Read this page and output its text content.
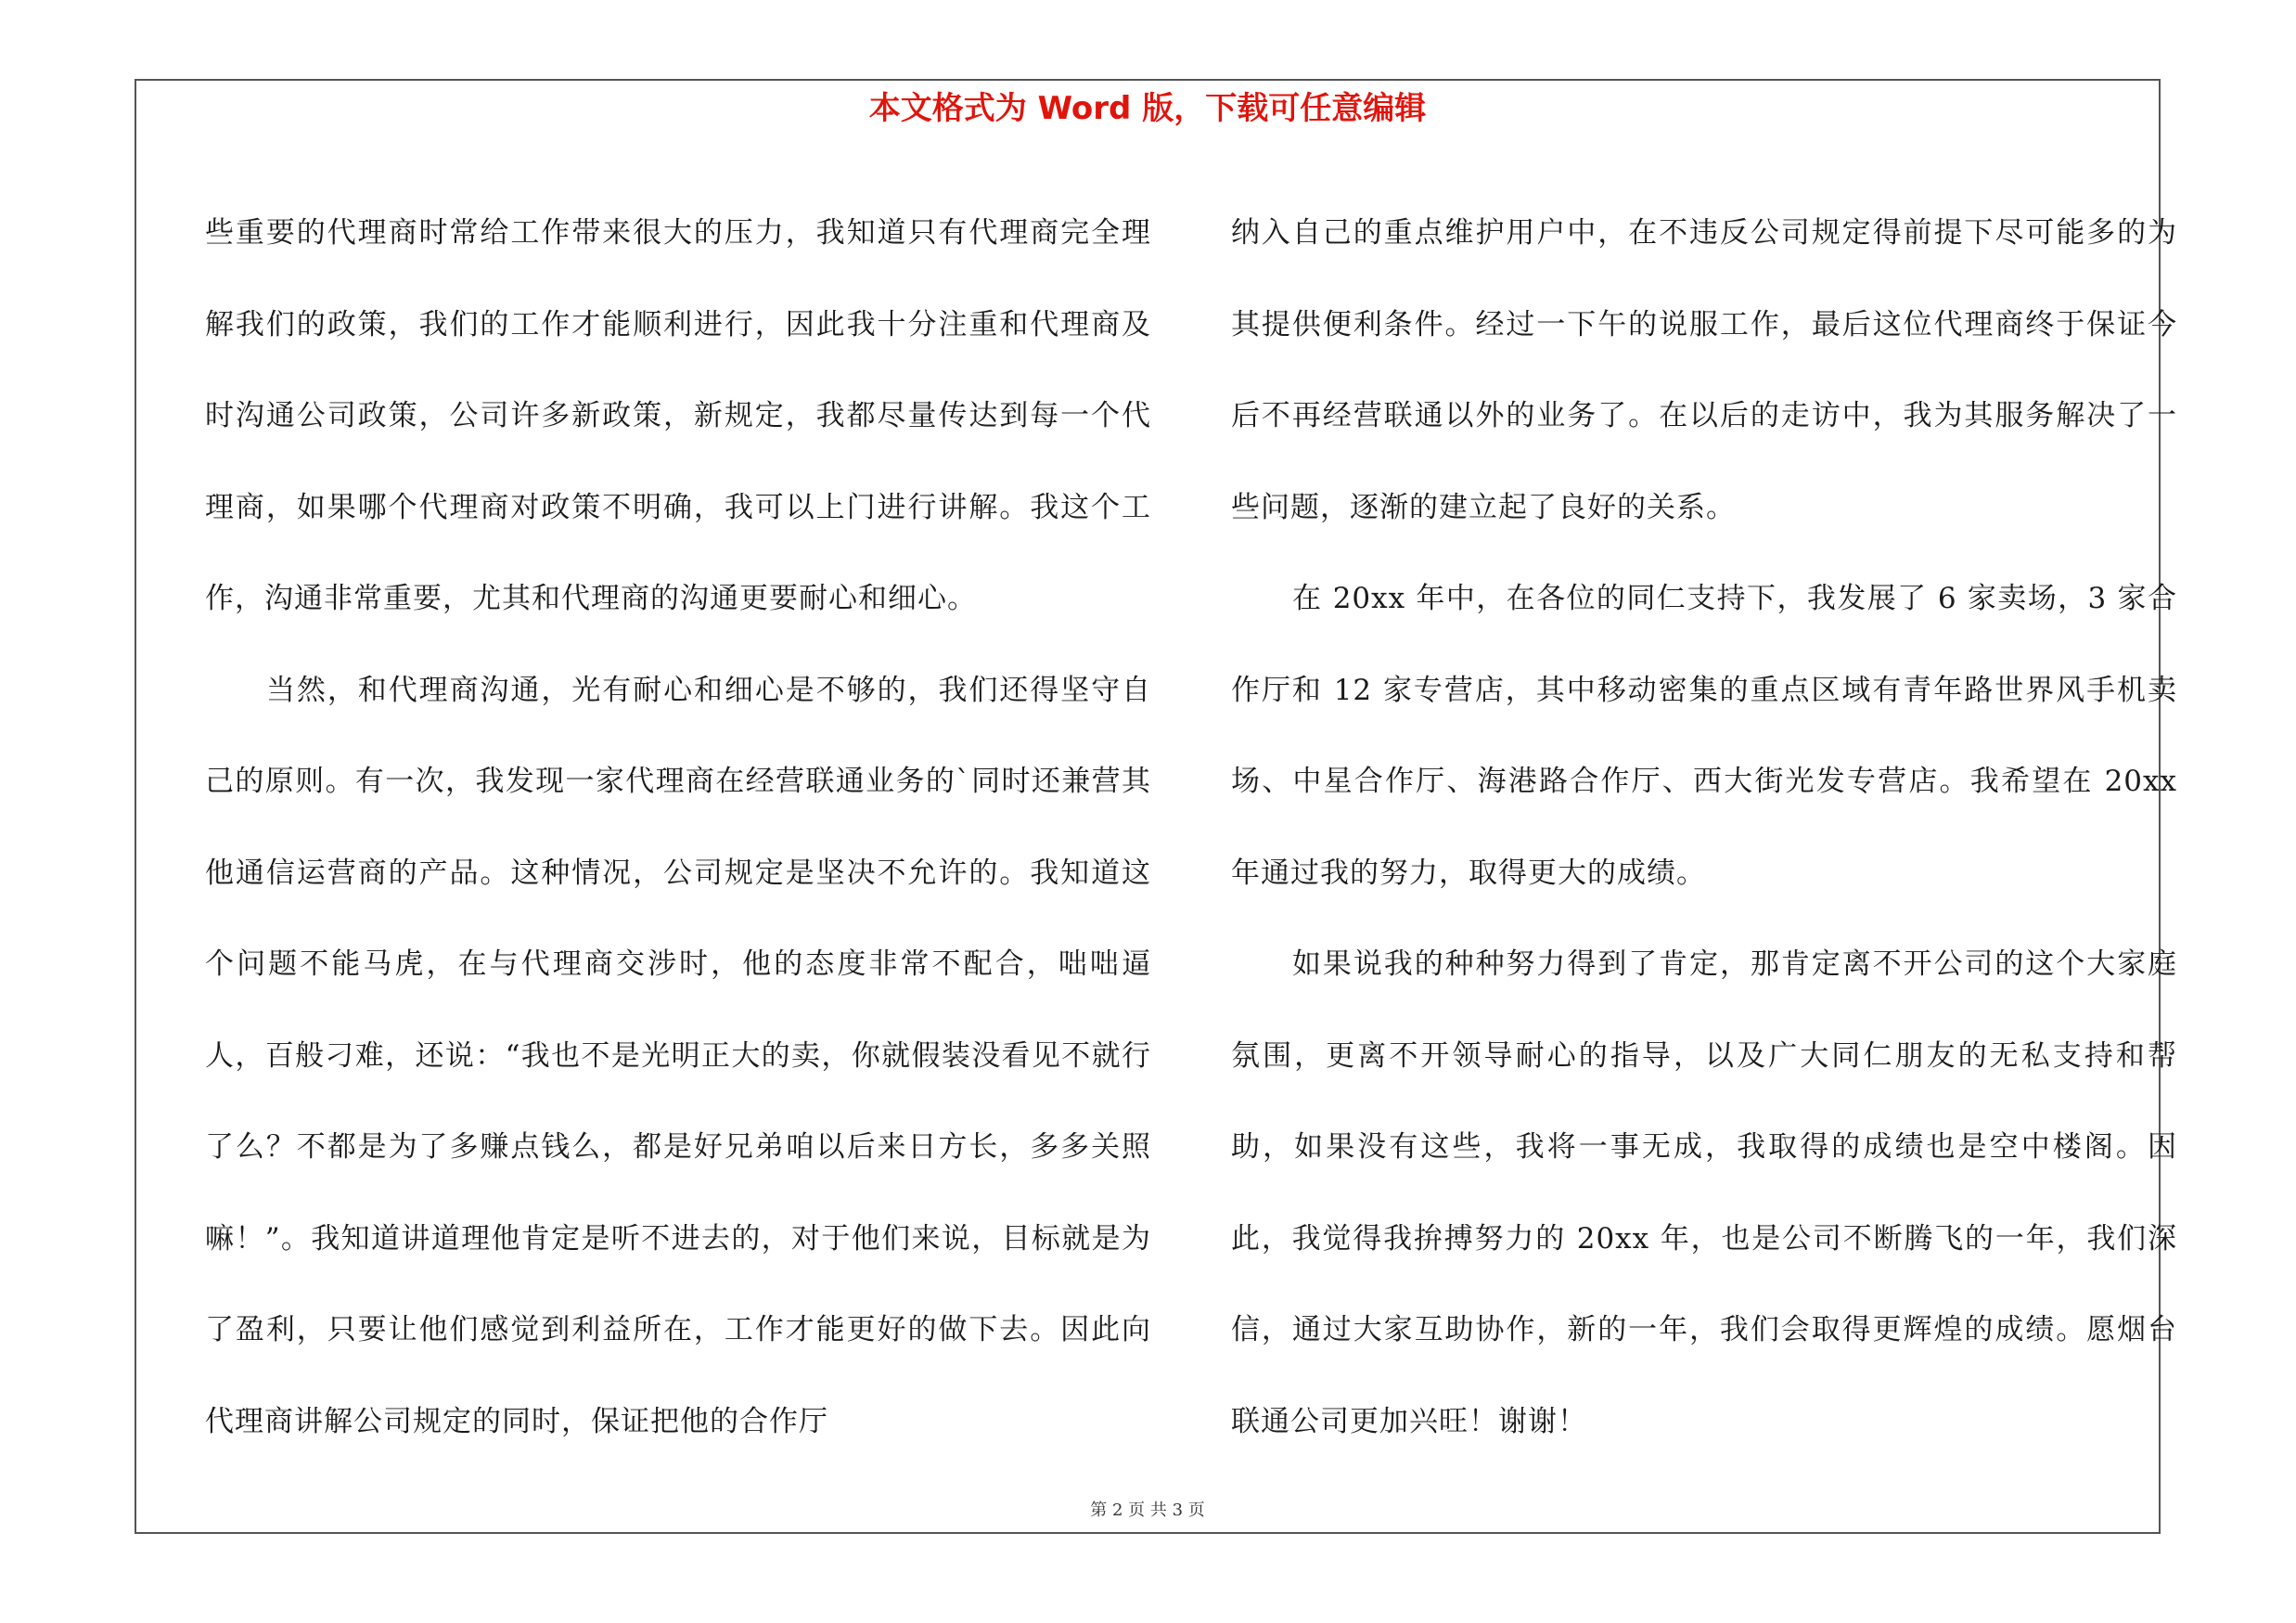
本文格式为 Word 版，下载可任意编辑

些重要的代理商时常给工作带来很大的压力，我知道只有代理商完全理解我们的政策，我们的工作才能顺利进行，因此我十分注重和代理商及时沟通公司政策，公司许多新政策，新规定，我都尽量传达到每一个代理商，如果哪个代理商对政策不明确，我可以上门进行讲解。我这个工作，沟通非常重要，尤其和代理商的沟通更要耐心和细心。

当然，和代理商沟通，光有耐心和细心是不够的，我们还得坚守自己的原则。有一次，我发现一家代理商在经营联通业务的`同时还兼营其他通信运营商的产品。这种情况，公司规定是坚决不允许的。我知道这个问题不能马虎，在与代理商交涉时，他的态度非常不配合，咄咄逼人，百般刁难，还说：“我也不是光明正大的卖，你就假装没看见不就行了么？不都是为了多赚点钱么，都是好兄弟咱以后来日方长，多多关照嘛！”。我知道讲道理他肯定是听不进去的，对于他们来说，目标就是为了盈利，只要让他们感觉到利益所在，工作才能更好的做下去。因此向代理商讲解公司规定的同时，保证把他的合作厅

纳入自己的重点维护用户中，在不违反公司规定得前提下尽可能多的为其提供便利条件。经过一下午的说服工作，最后这位代理商终于保证今后不再经营联通以外的业务了。在以后的走访中，我为其服务解决了一些问题，逐渐的建立起了良好的关系。

在 20xx 年中，在各位的同仁支持下，我发展了 6 家卖场，3 家合作厅和 12 家专营店，其中移动密集的重点区域有青年路世界风手机卖场、中星合作厅、海港路合作厅、西大街光发专营店。我希望在 20xx 年通过我的努力，取得更大的成绩。

如果说我的种种努力得到了肯定，那肯定离不开公司的这个大家庭氛围，更离不开领导耐心的指导，以及广大同仁朋友的无私支持和帮助，如果没有这些，我将一事无成，我取得的成绩也是空中楼阁。因此，我觉得我拚搏努力的 20xx 年，也是公司不断腾飞的一年，我们深信，通过大家互助协作，新的一年，我们会取得更辉煌的成绩。愿烟台联通公司更加兴旺！谢谢！

第 2 页 共 3 页
